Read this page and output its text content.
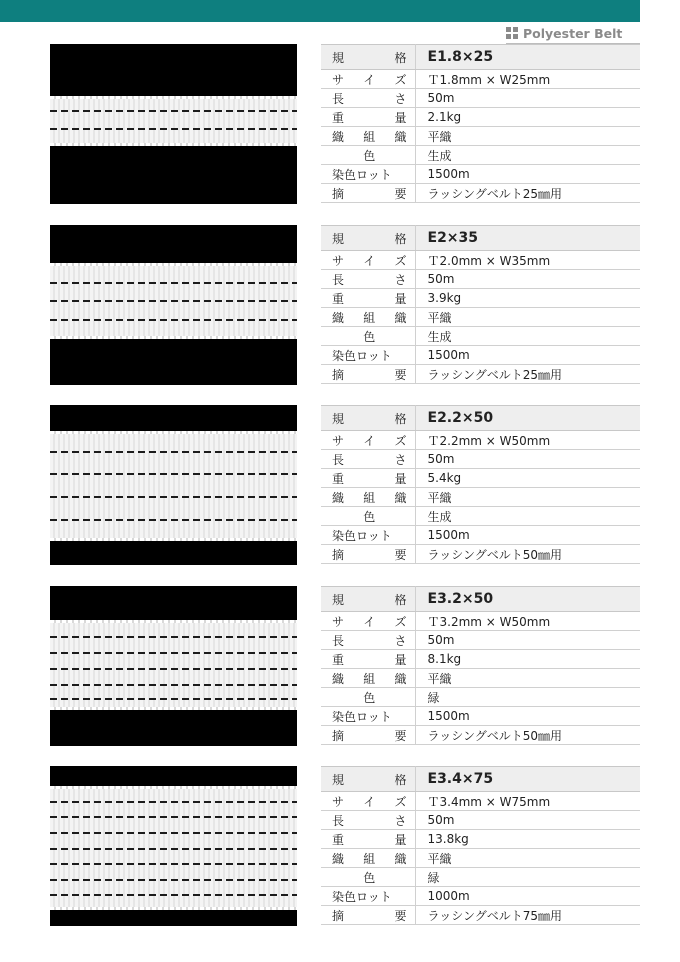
Polyester Belt
規 格	E1.8×25

サ イ ズ	Ｔ1.8mm × W25mm

長 さ	50m

重 量	2.1kg

織 組 織	平織

色	生成

染色ロット	1500m

摘 要	ラッシングベルト25㎜用
規 格	E2×35

サ イ ズ	Ｔ2.0mm × W35mm

長 さ	50m

重 量	3.9kg

織 組 織	平織

色	生成

染色ロット	1500m

摘 要	ラッシングベルト25㎜用
規 格	E2.2×50

サ イ ズ	Ｔ2.2mm × W50mm

長 さ	50m

重 量	5.4kg

織 組 織	平織

色	生成

染色ロット	1500m

摘 要	ラッシングベルト50㎜用
規 格	E3.2×50

サ イ ズ	Ｔ3.2mm × W50mm

長 さ	50m

重 量	8.1kg

織 組 織	平織

色	緑

染色ロット	1500m

摘 要	ラッシングベルト50㎜用
規 格	E3.4×75

サ イ ズ	Ｔ3.4mm × W75mm

長 さ	50m

重 量	13.8kg

織 組 織	平織

色	緑

染色ロット	1000m

摘 要	ラッシングベルト75㎜用
